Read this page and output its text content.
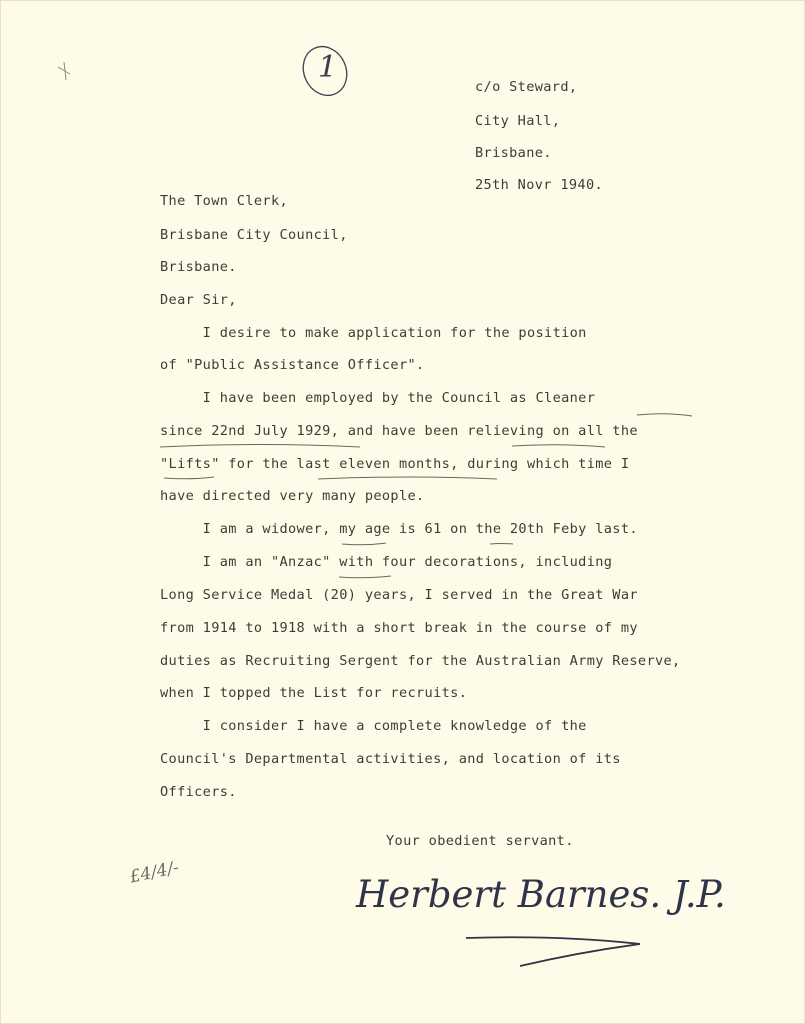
1
c/o Steward,
City Hall,
Brisbane.
25th Novr 1940.
The Town Clerk,
Brisbane City Council,
Brisbane.
Dear Sir,
I desire to make application for the position
of "Public Assistance Officer".
I have been employed by the Council as Cleaner
since 22nd July 1929, and have been relieving on all the
"Lifts" for the last eleven months, during which time I
have directed very many people.
I am a widower, my age is 61 on the 20th Feby last.
I am an "Anzac" with four decorations, including
Long Service Medal (20) years, I served in the Great War
from 1914 to 1918 with a short break in the course of my
duties as Recruiting Sergent for the Australian Army Reserve,
when I topped the List for recruits.
I consider I have a complete knowledge of the
Council's Departmental activities, and location of its
Officers.
Your obedient servant.
£4/4/-
Herbert Barnes. J.P.
